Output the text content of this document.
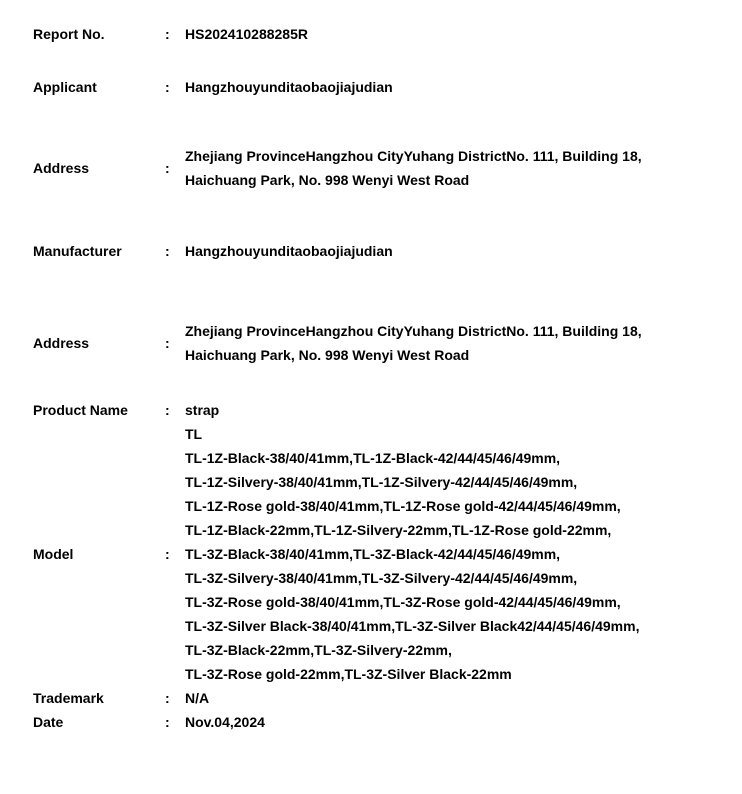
Report No.	:	HS202410288285R
Applicant	:	Hangzhouyunditaobaojiajudian
Address	:
Zhejiang ProvinceHangzhou CityYuhang DistrictNo. 111, Building 18,
Haichuang Park, No. 998 Wenyi West Road
Manufacturer	:	Hangzhouyunditaobaojiajudian
Address	:
Zhejiang ProvinceHangzhou CityYuhang DistrictNo. 111, Building 18,
Haichuang Park, No. 998 Wenyi West Road
Product Name	:	strap
Model	:
TL
TL-1Z-Black-38/40/41mm,TL-1Z-Black-42/44/45/46/49mm,
TL-1Z-Silvery-38/40/41mm,TL-1Z-Silvery-42/44/45/46/49mm,
TL-1Z-Rose gold-38/40/41mm,TL-1Z-Rose gold-42/44/45/46/49mm,
TL-1Z-Black-22mm,TL-1Z-Silvery-22mm,TL-1Z-Rose gold-22mm,
TL-3Z-Black-38/40/41mm,TL-3Z-Black-42/44/45/46/49mm,
TL-3Z-Silvery-38/40/41mm,TL-3Z-Silvery-42/44/45/46/49mm,
TL-3Z-Rose gold-38/40/41mm,TL-3Z-Rose gold-42/44/45/46/49mm,
TL-3Z-Silver Black-38/40/41mm,TL-3Z-Silver Black42/44/45/46/49mm,
TL-3Z-Black-22mm,TL-3Z-Silvery-22mm,
TL-3Z-Rose gold-22mm,TL-3Z-Silver Black-22mm
Trademark	:	N/A
Date	:	Nov.04,2024
